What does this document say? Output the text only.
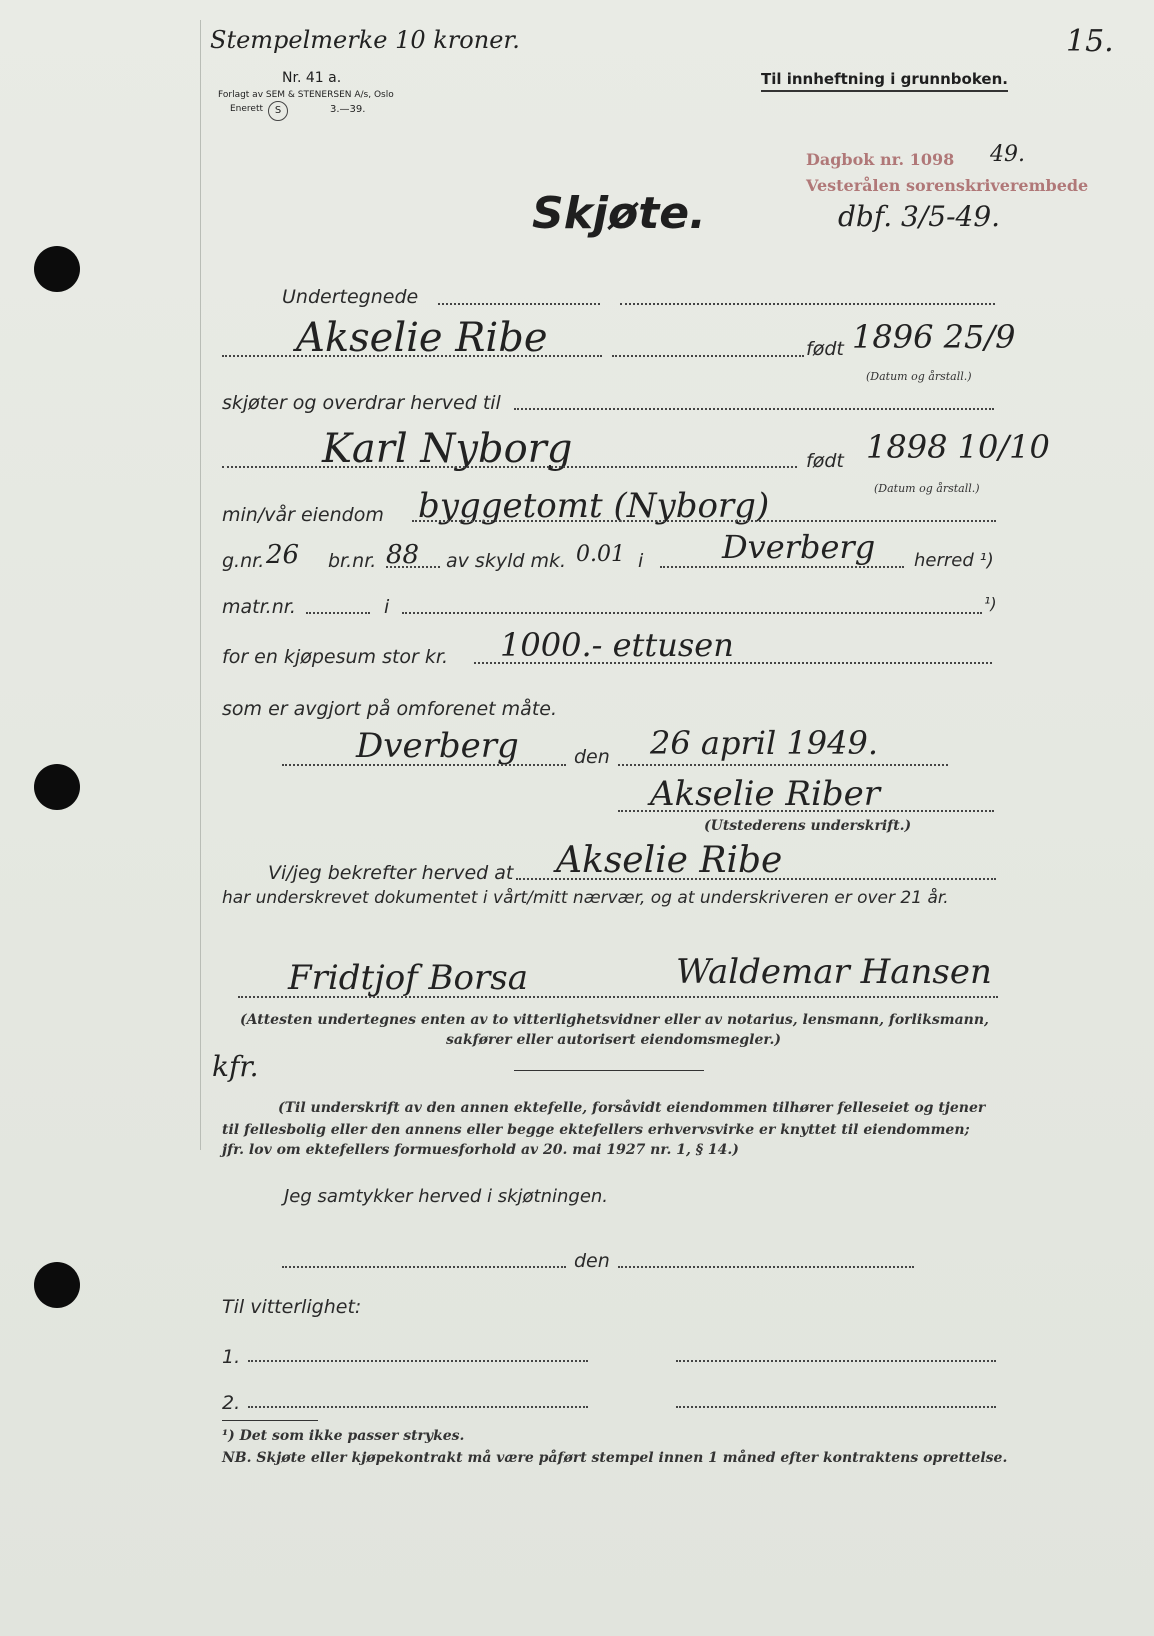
Stempelmerke 10 kroner.	15.
Nr. 41 a.
Forlagt av SEM & STENERSEN A/s, Oslo
Enerett	S	3.—39.
Til innheftning i grunnboken.
Dagbok nr. 1098 49.
Vesterålen sorenskriverembede
dbf. 3/5-49.
Skjøte.
Undertegnede
Akselie Ribe	født 1896 25/9
(Datum og årstall.)
skjøter og overdrar herved til
Karl Nyborg	født 1898 10/10
(Datum og årstall.)
min/vår eiendom byggetomt (Nyborg)
g.nr. 26 br.nr. 88 av skyld mk. 0.01 i Dverberg herred ¹)
matr.nr.	i	¹)
for en kjøpesum stor kr. 1000.- ettusen
som er avgjort på omforenet måte.
Dverberg	den 26 april 1949.
Akselie Riber
(Utstederens underskrift.)
Vi/jeg bekrefter herved at Akselie Ribe
har underskrevet dokumentet i vårt/mitt nærvær, og at underskriveren er over 21 år.
Fridtjof Borsa	Waldemar Hansen
(Attesten undertegnes enten av to vitterlighetsvidner eller av notarius, lensmann, forliksmann,
sakfører eller autorisert eiendomsmegler.)
kfr.
(Til underskrift av den annen ektefelle, forsåvidt eiendommen tilhører felleseiet og tjener
til fellesbolig eller den annens eller begge ektefellers erhvervsvirke er knyttet til eiendommen;
jfr. lov om ektefellers formuesforhold av 20. mai 1927 nr. 1, § 14.)
Jeg samtykker herved i skjøtningen.
den
Til vitterlighet:
1.
2.
¹) Det som ikke passer strykes.
NB. Skjøte eller kjøpekontrakt må være påført stempel innen 1 måned efter kontraktens oprettelse.
